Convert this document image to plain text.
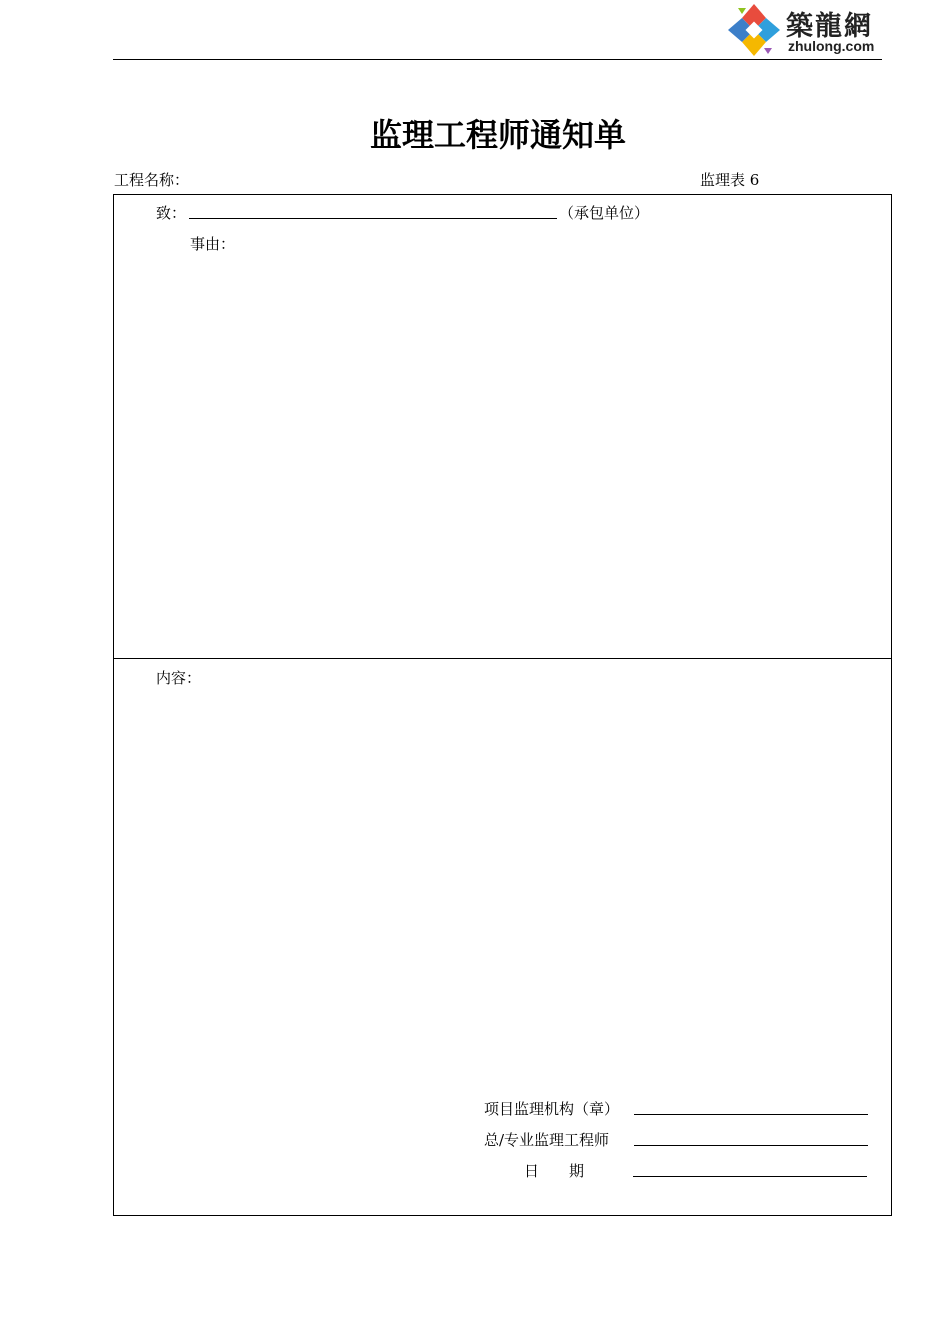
築龍網
zhulong.com
监理工程师通知单
工程名称：	监理表 6
致：	（承包单位）
事由：
内容：
项目监理机构（章）
总/专业监理工程师
日　　期
